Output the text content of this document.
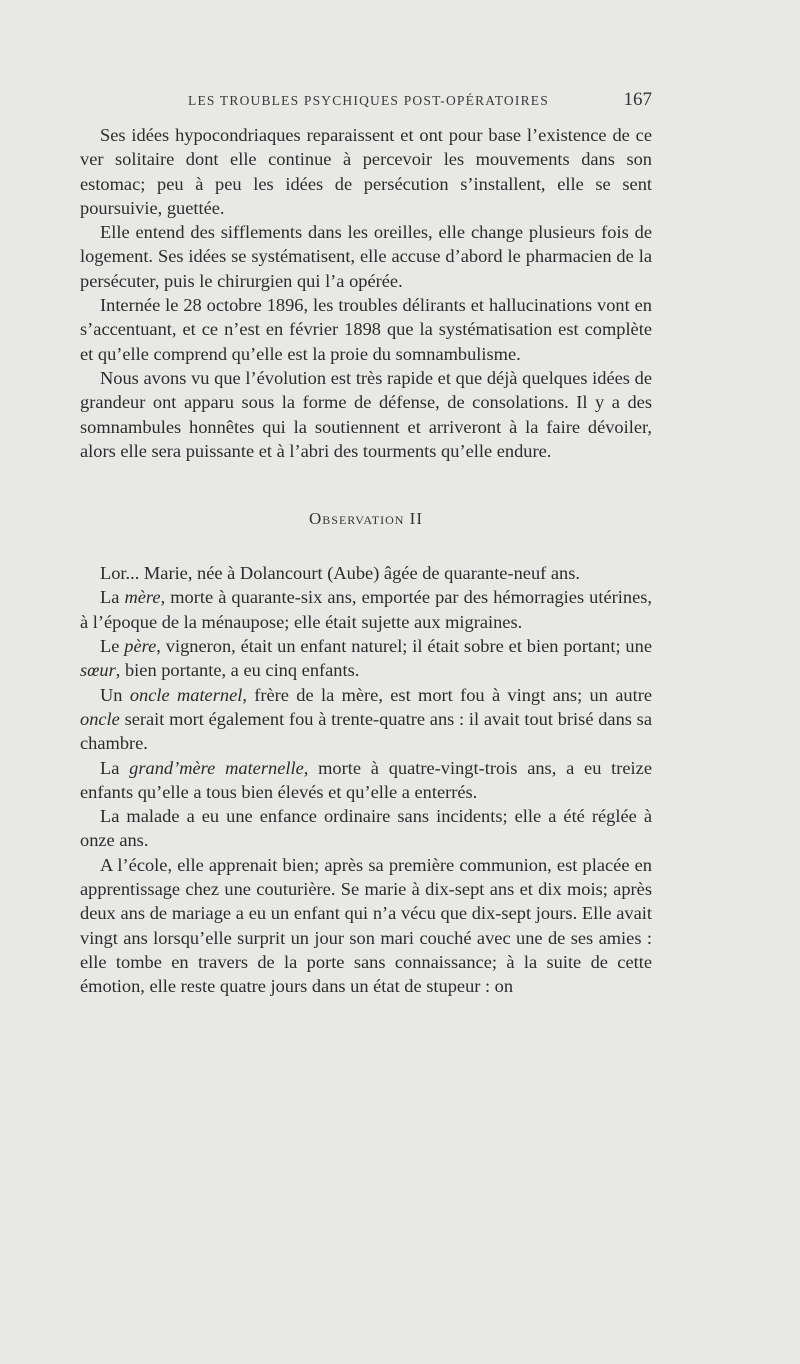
LES TROUBLES PSYCHIQUES POST-OPÉRATOIRES	167

Ses idées hypocondriaques reparaissent et ont pour base l’existence de ce ver solitaire dont elle continue à percevoir les mouvements dans son estomac; peu à peu les idées de persécution s’installent, elle se sent poursuivie, guettée.

Elle entend des sifflements dans les oreilles, elle change plusieurs fois de logement. Ses idées se systématisent, elle accuse d’abord le pharmacien de la persécuter, puis le chirurgien qui l’a opérée.

Internée le 28 octobre 1896, les troubles délirants et hallucinations vont en s’accentuant, et ce n’est en février 1898 que la systématisation est complète et qu’elle comprend qu’elle est la proie du somnambulisme.

Nous avons vu que l’évolution est très rapide et que déjà quelques idées de grandeur ont apparu sous la forme de défense, de consolations. Il y a des somnambules honnêtes qui la soutiennent et arriveront à la faire dévoiler, alors elle sera puissante et à l’abri des tourments qu’elle endure.

Observation II

Lor... Marie, née à Dolancourt (Aube) âgée de quarante-neuf ans.

La mère, morte à quarante-six ans, emportée par des hémorragies utérines, à l’époque de la ménaupose; elle était sujette aux migraines.

Le père, vigneron, était un enfant naturel; il était sobre et bien portant; une sœur, bien portante, a eu cinq enfants.

Un oncle maternel, frère de la mère, est mort fou à vingt ans; un autre oncle serait mort également fou à trente-quatre ans : il avait tout brisé dans sa chambre.

La grand’mère maternelle, morte à quatre-vingt-trois ans, a eu treize enfants qu’elle a tous bien élevés et qu’elle a enterrés.

La malade a eu une enfance ordinaire sans incidents; elle a été réglée à onze ans.

A l’école, elle apprenait bien; après sa première communion, est placée en apprentissage chez une couturière. Se marie à dix-sept ans et dix mois; après deux ans de mariage a eu un enfant qui n’a vécu que dix-sept jours. Elle avait vingt ans lorsqu’elle surprit un jour son mari couché avec une de ses amies : elle tombe en travers de la porte sans connaissance; à la suite de cette émotion, elle reste quatre jours dans un état de stupeur : on
